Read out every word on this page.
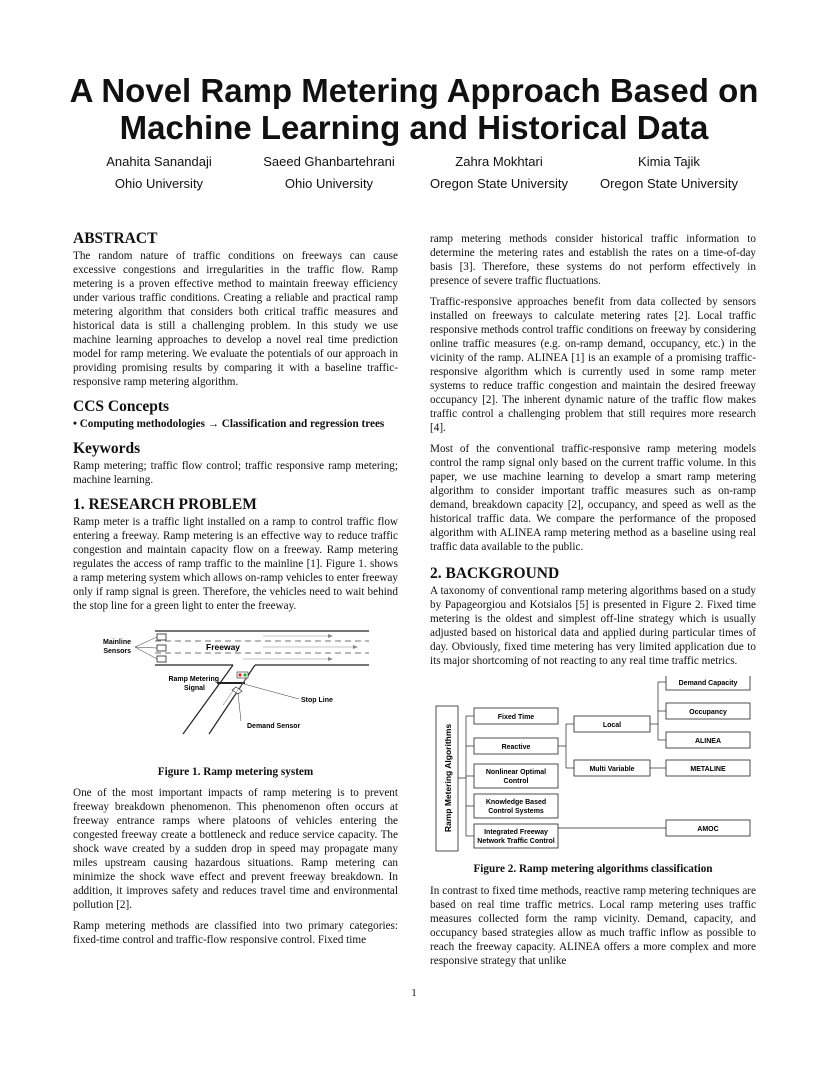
A Novel Ramp Metering Approach Based on
Machine Learning and Historical Data
Anahita Sanandaji
Ohio University
Saeed Ghanbartehrani
Ohio University
Zahra Mokhtari
Oregon State University
Kimia Tajik
Oregon State University
ABSTRACT

The random nature of traffic conditions on freeways can cause excessive congestions and irregularities in the traffic flow. Ramp metering is a proven effective method to maintain freeway efficiency under various traffic conditions. Creating a reliable and practical ramp metering algorithm that considers both critical traffic measures and historical data is still a challenging problem. In this study we use machine learning approaches to develop a novel real time prediction model for ramp metering. We evaluate the potentials of our approach in providing promising results by comparing it with a baseline traffic-responsive ramp metering algorithm.

CCS Concepts

• Computing methodologies → Classification and regression trees

Keywords

Ramp metering; traffic flow control; traffic responsive ramp metering; machine learning.

1. RESEARCH PROBLEM

Ramp meter is a traffic light installed on a ramp to control traffic flow entering a freeway. Ramp metering is an effective way to reduce traffic congestion and maintain capacity flow on a freeway. Ramp metering regulates the access of ramp traffic to the mainline [1]. Figure 1. shows a ramp metering system which allows on-ramp vehicles to enter freeway only if ramp signal is green. Therefore, the vehicles need to wait behind the stop line for a green light to enter the freeway.

Mainline
Sensors	Freeway
Ramp Metering
Signal
Stop Line
Demand Sensor
Figure 1. Ramp metering system

One of the most important impacts of ramp metering is to prevent freeway breakdown phenomenon. This phenomenon often occurs at freeway entrance ramps where platoons of vehicles entering the congested freeway create a bottleneck and reduce service capacity. The shock wave created by a sudden drop in speed may propagate many miles upstream causing hazardous situations. Ramp metering can minimize the shock wave effect and prevent freeway breakdown. In addition, it improves safety and reduces travel time and environmental pollution [2].

Ramp metering methods are classified into two primary categories: fixed-time control and traffic-flow responsive control. Fixed time

ramp metering methods consider historical traffic information to determine the metering rates and establish the rates on a time-of-day basis [3]. Therefore, these systems do not perform effectively in presence of severe traffic fluctuations.

Traffic-responsive approaches benefit from data collected by sensors installed on freeways to calculate metering rates [2]. Local traffic responsive methods control traffic conditions on freeway by considering online traffic measures (e.g. on-ramp demand, occupancy, etc.) in the vicinity of the ramp. ALINEA [1] is an example of a promising traffic-responsive algorithm which is currently used in some ramp meter systems to reduce traffic congestion and maintain the desired freeway occupancy [2]. The inherent dynamic nature of the traffic flow makes traffic control a challenging problem that still requires more research [4].

Most of the conventional traffic-responsive ramp metering models control the ramp signal only based on the current traffic volume. In this paper, we use machine learning to develop a smart ramp metering algorithm to consider important traffic measures such as on-ramp demand, breakdown capacity [2], occupancy, and speed as well as the historical traffic data. We compare the performance of the proposed algorithm with ALINEA ramp metering method as a baseline using real traffic data available to the public.

2. BACKGROUND

A taxonomy of conventional ramp metering algorithms based on a study by Papageorgiou and Kotsialos [5] is presented in Figure 2. Fixed time metering is the oldest and simplest off-line strategy which is usually adjusted based on historical data and applied during particular times of day. Obviously, fixed time metering has very limited application due to its major shortcoming of not reacting to any real time traffic metrics.

Ramp Metering Algorithms
Fixed Time
Reactive
Nonlinear Optimal
Control
Knowledge Based
Control Systems
Integrated Freeway
Network Traffic Control
Local
Multi Variable
Demand Capacity
Occupancy
ALINEA
METALINE
AMOC
Figure 2. Ramp metering algorithms classification

In contrast to fixed time methods, reactive ramp metering techniques are based on real time traffic metrics. Local ramp metering uses traffic measures collected form the ramp vicinity. Demand, capacity, and occupancy based strategies allow as much traffic inflow as possible to reach the freeway capacity. ALINEA offers a more complex and more responsive strategy that unlike

1
